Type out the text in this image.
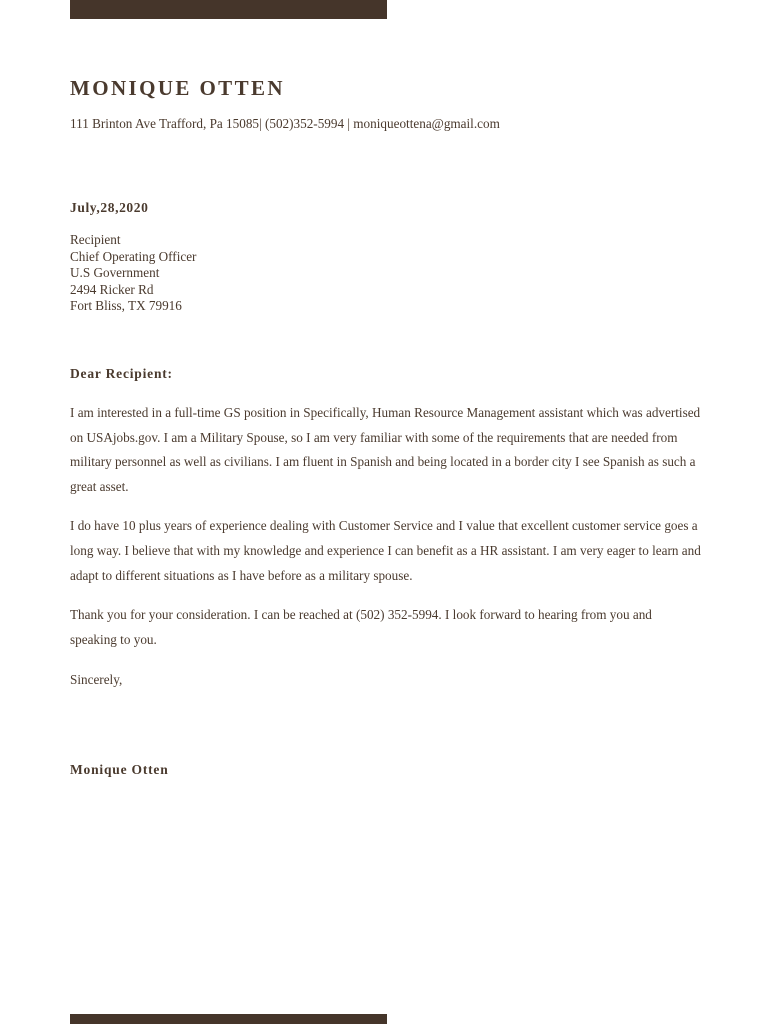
MONIQUE OTTEN
111 Brinton Ave Trafford, Pa 15085| (502)352-5994 | moniqueottena@gmail.com
July,28,2020
Recipient
Chief Operating Officer
U.S Government
2494 Ricker Rd
Fort Bliss, TX 79916
Dear Recipient:

I am interested in a full-time GS position in Specifically, Human Resource Management assistant which was advertised on USAjobs.gov. I am a Military Spouse, so I am very familiar with some of the requirements that are needed from military personnel as well as civilians. I am fluent in Spanish and being located in a border city I see Spanish as such a great asset.

I do have 10 plus years of experience dealing with Customer Service and I value that excellent customer service goes a long way. I believe that with my knowledge and experience I can benefit as a HR assistant. I am very eager to learn and adapt to different situations as I have before as a military spouse.

Thank you for your consideration. I can be reached at (502) 352-5994. I look forward to hearing from you and speaking to you.

Sincerely,
Monique Otten
